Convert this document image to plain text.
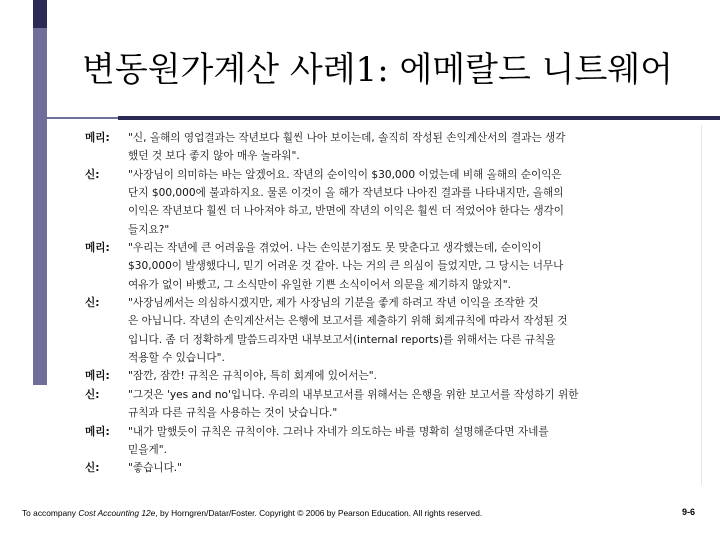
변동원가계산 사례1: 에메랄드 니트웨어
메리:	"신, 올해의 영업결과는 작년보다 훨씬 나아 보이는데, 솔직히 작성된 손익계산서의 결과는 생각
했던 것 보다 좋지 않아 매우 놀라워".
신:	"사장님이 의미하는 바는 알겠어요. 작년의 순이익이 $30,000 이었는데 비해 올해의 순이익은
단지 $00,000에 불과하지요. 물론 이것이 올 해가 작년보다 나아진 결과를 나타내지만, 올해의
이익은 작년보다 훨씬 더 나아져야 하고, 반면에 작년의 이익은 훨씬 더 적었어야 한다는 생각이
들지요?"
메리:	"우리는 작년에 큰 어려움을 겪었어. 나는 손익분기점도 못 맞춘다고 생각했는데, 순이익이
$30,000이 발생했다니, 믿기 어려운 것 같아. 나는 거의 큰 의심이 들었지만, 그 당시는 너무나
여유가 없이 바빴고, 그 소식만이 유일한 기쁜 소식이어서 의문을 제기하지 않았지".
신:	"사장님께서는 의심하시겠지만, 제가 사장님의 기분을 좋게 하려고 작년 이익을 조작한 것
은 아닙니다. 작년의 손익계산서는 은행에 보고서를 제출하기 위해 회계규칙에 따라서 작성된 것
입니다. 좀 더 정확하게 말씀드리자면 내부보고서(internal reports)를 위해서는 다른 규칙을
적용할 수 있습니다".
메리:	"잠깐, 잠깐! 규칙은 규칙이야, 특히 회계에 있어서는".
신:	"그것은 'yes and no'입니다. 우리의 내부보고서를 위해서는 은행을 위한 보고서를 작성하기 위한
규칙과 다른 규칙을 사용하는 것이 낫습니다."
메리:	"내가 말했듯이 규칙은 규칙이야. 그러나 자네가 의도하는 바를 명확히 설명해준다면 자네를
믿을게".
신:	"좋습니다."
To accompany Cost Accounting 12e, by Horngren/Datar/Foster. Copyright © 2006 by Pearson Education. All rights reserved.	9-6
